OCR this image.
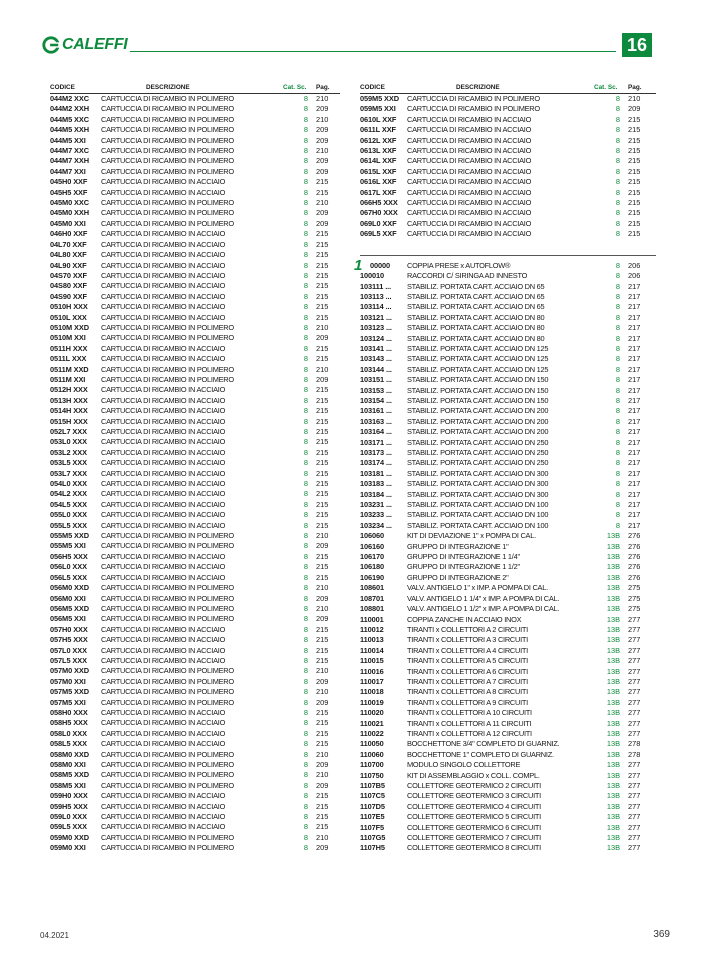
CALEFFI	16
CODICE	DESCRIZIONE	Cat. Sc. Pag.
044M2 XXC CARTUCCIA DI RICAMBIO IN POLIMERO	8	210
044M2 XXH CARTUCCIA DI RICAMBIO IN POLIMERO	8	209
044M5 XXC CARTUCCIA DI RICAMBIO IN POLIMERO	8	210
044M5 XXH CARTUCCIA DI RICAMBIO IN POLIMERO	8	209
044M5 XXI CARTUCCIA DI RICAMBIO IN POLIMERO	8	209
044M7 XXC CARTUCCIA DI RICAMBIO IN POLIMERO	8	210
044M7 XXH CARTUCCIA DI RICAMBIO IN POLIMERO	8	209
044M7 XXI CARTUCCIA DI RICAMBIO IN POLIMERO	8	209
045H0 XXF CARTUCCIA DI RICAMBIO IN ACCIAIO	8	215
045H5 XXF CARTUCCIA DI RICAMBIO IN ACCIAIO	8	215
045M0 XXC CARTUCCIA DI RICAMBIO IN POLIMERO	8	210
045M0 XXH CARTUCCIA DI RICAMBIO IN POLIMERO	8	209
045M0 XXI CARTUCCIA DI RICAMBIO IN POLIMERO	8	209
046H0 XXF CARTUCCIA DI RICAMBIO IN ACCIAIO	8	215
04L70 XXF CARTUCCIA DI RICAMBIO IN ACCIAIO	8	215
04L80 XXF CARTUCCIA DI RICAMBIO IN ACCIAIO	8	215
04L90 XXF CARTUCCIA DI RICAMBIO IN ACCIAIO	8	215
04S70 XXF CARTUCCIA DI RICAMBIO IN ACCIAIO	8	215
04S80 XXF CARTUCCIA DI RICAMBIO IN ACCIAIO	8	215
04S90 XXF CARTUCCIA DI RICAMBIO IN ACCIAIO	8	215
0510H XXX CARTUCCIA DI RICAMBIO IN ACCIAIO	8	215
0510L XXX CARTUCCIA DI RICAMBIO IN ACCIAIO	8	215
0510M XXD CARTUCCIA DI RICAMBIO IN POLIMERO	8	210
0510M XXI CARTUCCIA DI RICAMBIO IN POLIMERO	8	209
0511H XXX CARTUCCIA DI RICAMBIO IN ACCIAIO	8	215
0511L XXX CARTUCCIA DI RICAMBIO IN ACCIAIO	8	215
0511M XXD CARTUCCIA DI RICAMBIO IN POLIMERO	8	210
0511M XXI CARTUCCIA DI RICAMBIO IN POLIMERO	8	209
0512H XXX CARTUCCIA DI RICAMBIO IN ACCIAIO	8	215
0513H XXX CARTUCCIA DI RICAMBIO IN ACCIAIO	8	215
0514H XXX CARTUCCIA DI RICAMBIO IN ACCIAIO	8	215
0515H XXX CARTUCCIA DI RICAMBIO IN ACCIAIO	8	215
052L7 XXX CARTUCCIA DI RICAMBIO IN ACCIAIO	8	215
053L0 XXX CARTUCCIA DI RICAMBIO IN ACCIAIO	8	215
053L2 XXX CARTUCCIA DI RICAMBIO IN ACCIAIO	8	215
053L5 XXX CARTUCCIA DI RICAMBIO IN ACCIAIO	8	215
053L7 XXX CARTUCCIA DI RICAMBIO IN ACCIAIO	8	215
054L0 XXX CARTUCCIA DI RICAMBIO IN ACCIAIO	8	215
054L2 XXX CARTUCCIA DI RICAMBIO IN ACCIAIO	8	215
054L5 XXX CARTUCCIA DI RICAMBIO IN ACCIAIO	8	215
055L0 XXX CARTUCCIA DI RICAMBIO IN ACCIAIO	8	215
055L5 XXX CARTUCCIA DI RICAMBIO IN ACCIAIO	8	215
055M5 XXD CARTUCCIA DI RICAMBIO IN POLIMERO	8	210
055M5 XXI CARTUCCIA DI RICAMBIO IN POLIMERO	8	209
056H5 XXX CARTUCCIA DI RICAMBIO IN ACCIAIO	8	215
056L0 XXX CARTUCCIA DI RICAMBIO IN ACCIAIO	8	215
056L5 XXX CARTUCCIA DI RICAMBIO IN ACCIAIO	8	215
056M0 XXD CARTUCCIA DI RICAMBIO IN POLIMERO	8	210
056M0 XXI CARTUCCIA DI RICAMBIO IN POLIMERO	8	209
056M5 XXD CARTUCCIA DI RICAMBIO IN POLIMERO	8	210
056M5 XXI CARTUCCIA DI RICAMBIO IN POLIMERO	8	209
057H0 XXX CARTUCCIA DI RICAMBIO IN ACCIAIO	8	215
057H5 XXX CARTUCCIA DI RICAMBIO IN ACCIAIO	8	215
057L0 XXX CARTUCCIA DI RICAMBIO IN ACCIAIO	8	215
057L5 XXX CARTUCCIA DI RICAMBIO IN ACCIAIO	8	215
057M0 XXD CARTUCCIA DI RICAMBIO IN POLIMERO	8	210
057M0 XXI CARTUCCIA DI RICAMBIO IN POLIMERO	8	209
057M5 XXD CARTUCCIA DI RICAMBIO IN POLIMERO	8	210
057M5 XXI CARTUCCIA DI RICAMBIO IN POLIMERO	8	209
058H0 XXX CARTUCCIA DI RICAMBIO IN ACCIAIO	8	215
058H5 XXX CARTUCCIA DI RICAMBIO IN ACCIAIO	8	215
058L0 XXX CARTUCCIA DI RICAMBIO IN ACCIAIO	8	215
058L5 XXX CARTUCCIA DI RICAMBIO IN ACCIAIO	8	215
058M0 XXD CARTUCCIA DI RICAMBIO IN POLIMERO	8	210
058M0 XXI CARTUCCIA DI RICAMBIO IN POLIMERO	8	209
058M5 XXD CARTUCCIA DI RICAMBIO IN POLIMERO	8	210
058M5 XXI CARTUCCIA DI RICAMBIO IN POLIMERO	8	209
059H0 XXX CARTUCCIA DI RICAMBIO IN ACCIAIO	8	215
059H5 XXX CARTUCCIA DI RICAMBIO IN ACCIAIO	8	215
059L0 XXX CARTUCCIA DI RICAMBIO IN ACCIAIO	8	215
059L5 XXX CARTUCCIA DI RICAMBIO IN ACCIAIO	8	215
059M0 XXD CARTUCCIA DI RICAMBIO IN POLIMERO	8	210
059M0 XXI CARTUCCIA DI RICAMBIO IN POLIMERO	8	209
CODICE	DESCRIZIONE	Cat. Sc. Pag.
059M5 XXD CARTUCCIA DI RICAMBIO IN POLIMERO	8	210
059M5 XXI CARTUCCIA DI RICAMBIO IN POLIMERO	8	209
0610L XXF CARTUCCIA DI RICAMBIO IN ACCIAIO	8	215
0611L XXF CARTUCCIA DI RICAMBIO IN ACCIAIO	8	215
0612L XXF CARTUCCIA DI RICAMBIO IN ACCIAIO	8	215
0613L XXF CARTUCCIA DI RICAMBIO IN ACCIAIO	8	215
0614L XXF CARTUCCIA DI RICAMBIO IN ACCIAIO	8	215
0615L XXF CARTUCCIA DI RICAMBIO IN ACCIAIO	8	215
0616L XXF CARTUCCIA DI RICAMBIO IN ACCIAIO	8	215
0617L XXF CARTUCCIA DI RICAMBIO IN ACCIAIO	8	215
066H5 XXX CARTUCCIA DI RICAMBIO IN ACCIAIO	8	215
067H0 XXX CARTUCCIA DI RICAMBIO IN ACCIAIO	8	215
069L0 XXF CARTUCCIA DI RICAMBIO IN ACCIAIO	8	215
069L5 XXF CARTUCCIA DI RICAMBIO IN ACCIAIO	8	215
1 00000 COPPIA PRESE x AUTOFLOW®	8	206
100010	RACCORDI C/ SIRINGA AD INNESTO	8	206
103111 ... STABILIZ. PORTATA CART. ACCIAIO DN 65	8	217
103113 ... STABILIZ. PORTATA CART. ACCIAIO DN 65	8	217
103114 ... STABILIZ. PORTATA CART. ACCIAIO DN 65	8	217
103121 ... STABILIZ. PORTATA CART. ACCIAIO DN 80	8	217
103123 ... STABILIZ. PORTATA CART. ACCIAIO DN 80	8	217
103124 ... STABILIZ. PORTATA CART. ACCIAIO DN 80	8	217
103141 ... STABILIZ. PORTATA CART. ACCIAIO DN 125	8	217
103143 ... STABILIZ. PORTATA CART. ACCIAIO DN 125	8	217
103144 ... STABILIZ. PORTATA CART. ACCIAIO DN 125	8	217
103151 ... STABILIZ. PORTATA CART. ACCIAIO DN 150	8	217
103153 ... STABILIZ. PORTATA CART. ACCIAIO DN 150	8	217
103154 ... STABILIZ. PORTATA CART. ACCIAIO DN 150	8	217
103161 ... STABILIZ. PORTATA CART. ACCIAIO DN 200	8	217
103163 ... STABILIZ. PORTATA CART. ACCIAIO DN 200	8	217
103164 ... STABILIZ. PORTATA CART. ACCIAIO DN 200	8	217
103171 ... STABILIZ. PORTATA CART. ACCIAIO DN 250	8	217
103173 ... STABILIZ. PORTATA CART. ACCIAIO DN 250	8	217
103174 ... STABILIZ. PORTATA CART. ACCIAIO DN 250	8	217
103181 ... STABILIZ. PORTATA CART. ACCIAIO DN 300	8	217
103183 ... STABILIZ. PORTATA CART. ACCIAIO DN 300	8	217
103184 ... STABILIZ. PORTATA CART. ACCIAIO DN 300	8	217
103231 ... STABILIZ. PORTATA CART. ACCIAIO DN 100	8	217
103233 ... STABILIZ. PORTATA CART. ACCIAIO DN 100	8	217
103234 ... STABILIZ. PORTATA CART. ACCIAIO DN 100	8	217
106060	KIT DI DEVIAZIONE 1" x POMPA DI CAL.	13B	276
106160	GRUPPO DI INTEGRAZIONE 1"	13B	276
106170	GRUPPO DI INTEGRAZIONE 1 1/4"	13B	276
106180	GRUPPO DI INTEGRAZIONE 1 1/2"	13B	276
106190	GRUPPO DI INTEGRAZIONE 2"	13B	276
108601	VALV. ANTIGELO 1" x IMP. A POMPA DI CAL.	13B	275
108701	VALV. ANTIGELO 1 1/4" x IMP. A POMPA DI CAL.	13B	275
108801	VALV. ANTIGELO 1 1/2" x IMP. A POMPA DI CAL.	13B	275
110001	COPPIA ZANCHE IN ACCIAIO INOX	13B	277
110012	TIRANTI x COLLETTORI A 2 CIRCUITI	13B	277
110013	TIRANTI x COLLETTORI A 3 CIRCUITI	13B	277
110014	TIRANTI x COLLETTORI A 4 CIRCUITI	13B	277
110015	TIRANTI x COLLETTORI A 5 CIRCUITI	13B	277
110016	TIRANTI x COLLETTORI A 6 CIRCUITI	13B	277
110017	TIRANTI x COLLETTORI A 7 CIRCUITI	13B	277
110018	TIRANTI x COLLETTORI A 8 CIRCUITI	13B	277
110019	TIRANTI x COLLETTORI A 9 CIRCUITI	13B	277
110020	TIRANTI x COLLETTORI A 10 CIRCUITI	13B	277
110021	TIRANTI x COLLETTORI A 11 CIRCUITI	13B	277
110022	TIRANTI x COLLETTORI A 12 CIRCUITI	13B	277
110050	BOCCHETTONE 3/4" COMPLETO DI GUARNIZ.	13B	278
110060	BOCCHETTONE 1" COMPLETO DI GUARNIZ.	13B	278
110700	MODULO SINGOLO COLLETTORE	13B	277
110750	KIT DI ASSEMBLAGGIO x COLL. COMPL.	13B	277
1107B5	COLLETTORE GEOTERMICO 2 CIRCUITI	13B	277
1107C5	COLLETTORE GEOTERMICO 3 CIRCUITI	13B	277
1107D5	COLLETTORE GEOTERMICO 4 CIRCUITI	13B	277
1107E5	COLLETTORE GEOTERMICO 5 CIRCUITI	13B	277
1107F5	COLLETTORE GEOTERMICO 6 CIRCUITI	13B	277
1107G5	COLLETTORE GEOTERMICO 7 CIRCUITI	13B	277
1107H5	COLLETTORE GEOTERMICO 8 CIRCUITI	13B	277
04.2021	369
